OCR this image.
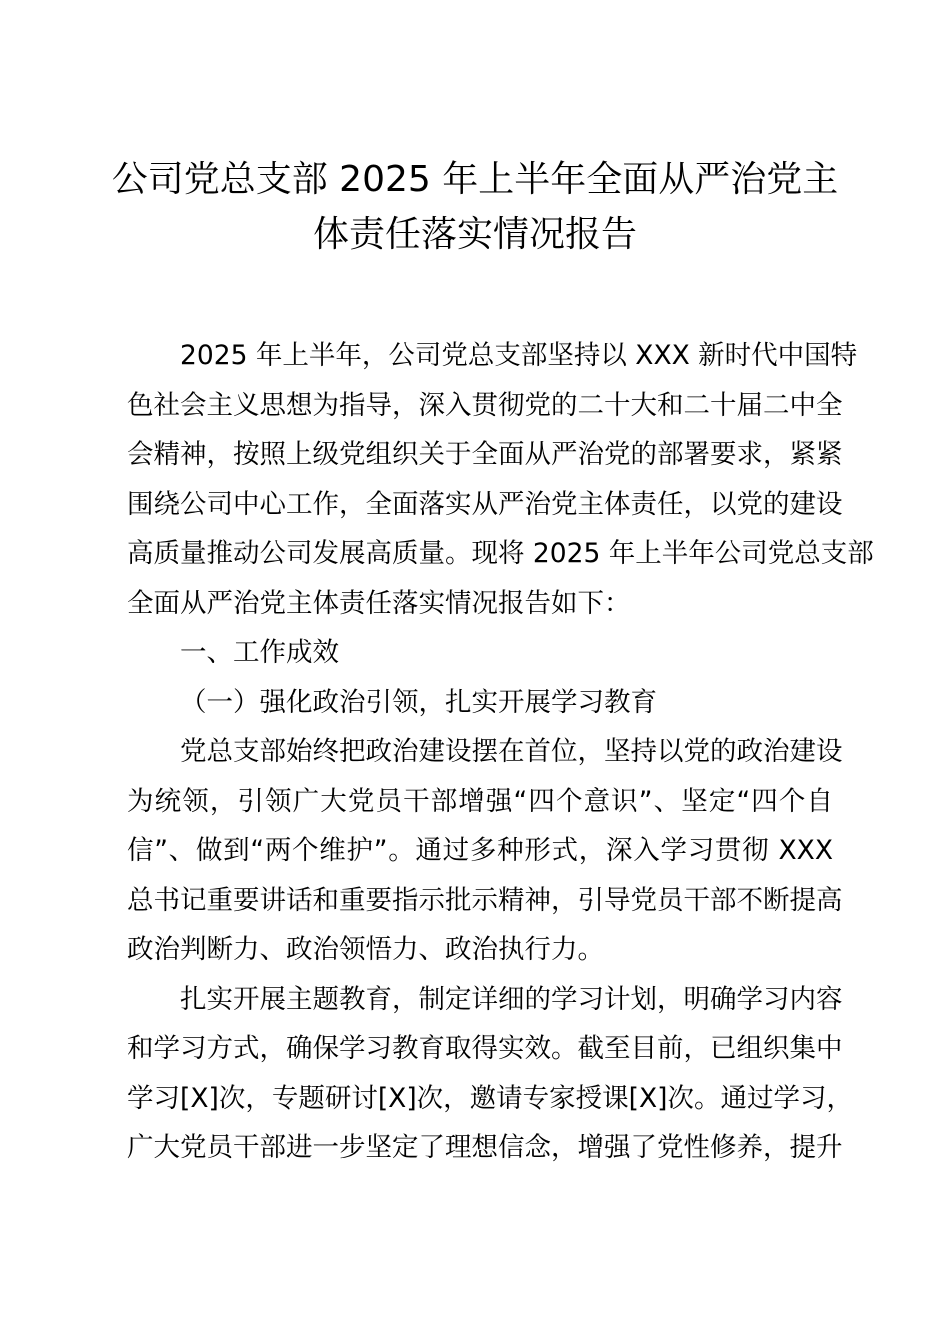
公司党总支部 2025 年上半年全面从严治党主
体责任落实情况报告
2025 年上半年，公司党总支部坚持以 XXX 新时代中国特
色社会主义思想为指导，深入贯彻党的二十大和二十届二中全
会精神，按照上级党组织关于全面从严治党的部署要求，紧紧
围绕公司中心工作，全面落实从严治党主体责任，以党的建设
高质量推动公司发展高质量。现将 2025 年上半年公司党总支部
全面从严治党主体责任落实情况报告如下：
一、工作成效
（一）强化政治引领，扎实开展学习教育
党总支部始终把政治建设摆在首位，坚持以党的政治建设
为统领，引领广大党员干部增强“四个意识”、坚定“四个自
信”、做到“两个维护”。通过多种形式，深入学习贯彻 XXX
总书记重要讲话和重要指示批示精神，引导党员干部不断提高
政治判断力、政治领悟力、政治执行力。
扎实开展主题教育，制定详细的学习计划，明确学习内容
和学习方式，确保学习教育取得实效。截至目前，已组织集中
学习[X]次，专题研讨[X]次，邀请专家授课[X]次。通过学习，
广大党员干部进一步坚定了理想信念，增强了党性修养，提升
